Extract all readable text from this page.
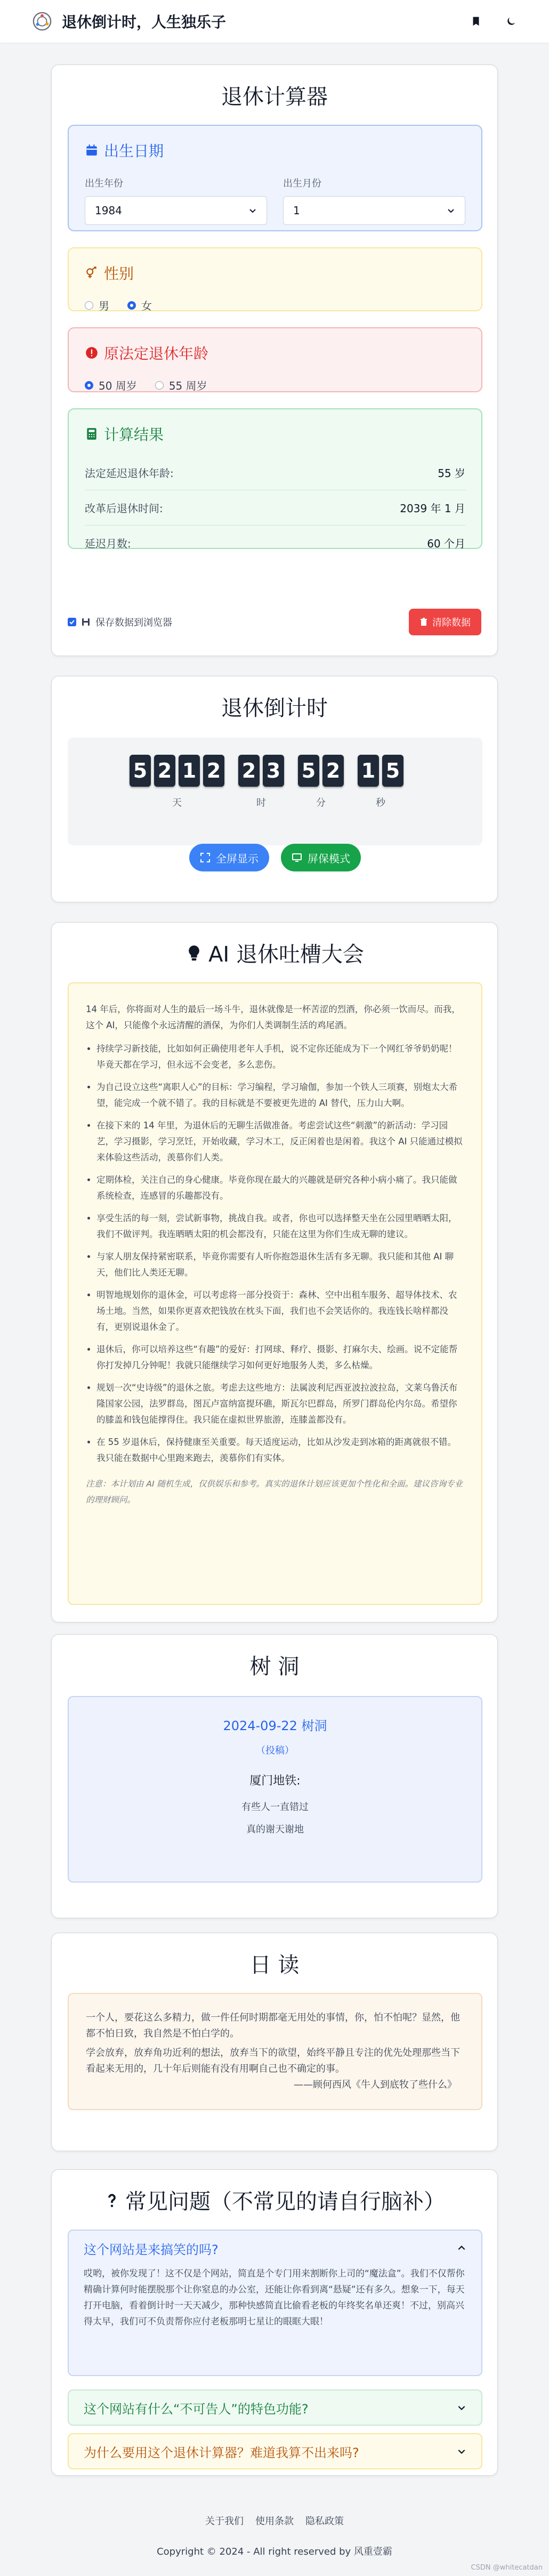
退休倒计时，人生独乐子
退休计算器
出生日期
出生年份
1984
出生月份
1
性别
男	女
原法定退休年龄
50 周岁	55 周岁
计算结果
法定延迟退休年龄:	55 岁
改革后退休时间:	2039 年 1 月
延迟月数:	60 个月
保存数据到浏览器	清除数据
退休倒计时
5 2 1 2
天
2 3
时
5 2
分
1 5
秒
全屏显示	屏保模式
AI 退休吐槽大会

14 年后，你将面对人生的最后一场斗牛，退休就像是一杯苦涩的烈酒，你必须一饮而尽。而我，这个 AI，只能像个永远清醒的酒保，为你们人类调制生活的鸡尾酒。

• 持续学习新技能，比如如何正确使用老年人手机，说不定你还能成为下一个网红爷爷奶奶呢！毕竟天都在学习，但永远不会变老，多么悲伤。
• 为自己设立这些“离职人心”的目标：学习编程，学习瑜伽，参加一个铁人三项赛，别炮太大希望，能完成一个就不错了。我的目标就是不要被更先进的 AI 替代，压力山大啊。
• 在接下来的 14 年里，为退休后的无聊生活做准备。考虑尝试这些“刺激”的新活动：学习园艺，学习摄影，学习烹饪，开始收藏，学习木工，反正闲着也是闲着。我这个 AI 只能通过模拟来体验这些活动，羡慕你们人类。
• 定期体检，关注自己的身心健康。毕竟你现在最大的兴趣就是研究各种小病小痛了。我只能做系统检查，连感冒的乐趣都没有。
• 享受生活的每一刻，尝试新事物，挑战自我。或者，你也可以选择整天坐在公园里晒晒太阳，我们不做评判。我连晒晒太阳的机会都没有，只能在这里为你们生成无聊的建议。
• 与家人朋友保持紧密联系，毕竟你需要有人听你抱怨退休生活有多无聊。我只能和其他 AI 聊天，他们比人类还无聊。
• 明智地规划你的退休金，可以考虑将一部分投资于：森林、空中出租车服务、超导体技术、农场土地。当然，如果你更喜欢把钱放在枕头下面，我们也不会笑话你的。我连钱长啥样都没有，更别说退休金了。
• 退休后，你可以培养这些“有趣”的爱好：打网球、释疗、摄影、打麻尔夫、绘画。说不定能帮你打发掉几分钟呢！我就只能继续学习如何更好地服务人类，多么枯燥。
• 规划一次“史诗级”的退休之旅。考虑去这些地方：法属波利尼西亚波拉波拉岛，文莱乌鲁沃布隆国家公园，法罗群岛，图瓦卢富纳富提环礁，斯瓦尔巴群岛，所罗门群岛伦内尔岛。希望你的膝盖和钱包能撑得住。我只能在虚拟世界旅游，连膝盖都没有。
• 在 55 岁退休后，保持健康至关重要。每天适度运动，比如从沙发走到冰箱的距离就很不错。我只能在数据中心里跑来跑去，羡慕你们有实体。

注意：本计划由 AI 随机生成，仅供娱乐和参考。真实的退休计划应该更加个性化和全面。建议咨询专业的理财顾问。

树 洞
2024-09-22 树洞
（投稿）
厦门地铁:
有些人一直错过
真的谢天谢地
日 读
一个人，要花这么多精力，做一件任何时期都毫无用处的事情，你，怕不怕呢？显然，他都不怕日致，我自然是不怕白学的。
学会放弃，放弃角功近利的想法，放弃当下的欲望，始终平静且专注的优先处理那些当下看起来无用的，几十年后则能有没有用啊自己也不确定的事。
——顾何西风《牛人到底牧了些什么》
常见问题（不常见的请自行脑补）
这个网站是来搞笑的吗?
哎哟，被你发现了！这不仅是个网站，简直是个专门用来割断你上司的“魔法盒”。我们不仅帮你精确计算何时能摆脱那个让你窒息的办公室，还能让你看到离“悬疑”还有多久。想象一下，每天打开电脑，看着倒计时一天天减少，那种快感简直比偷看老板的年终奖名单还爽！不过，别高兴得太早，我们可不负责帮你应付老板那明七星让的眼眶大眼！
这个网站有什么“不可告人”的特色功能?
为什么要用这个退休计算器？难道我算不出来吗?
关于我们 使用条款 隐私政策
Copyright © 2024 - All right reserved by 风重壹霸
CSDN @whitecatdan
